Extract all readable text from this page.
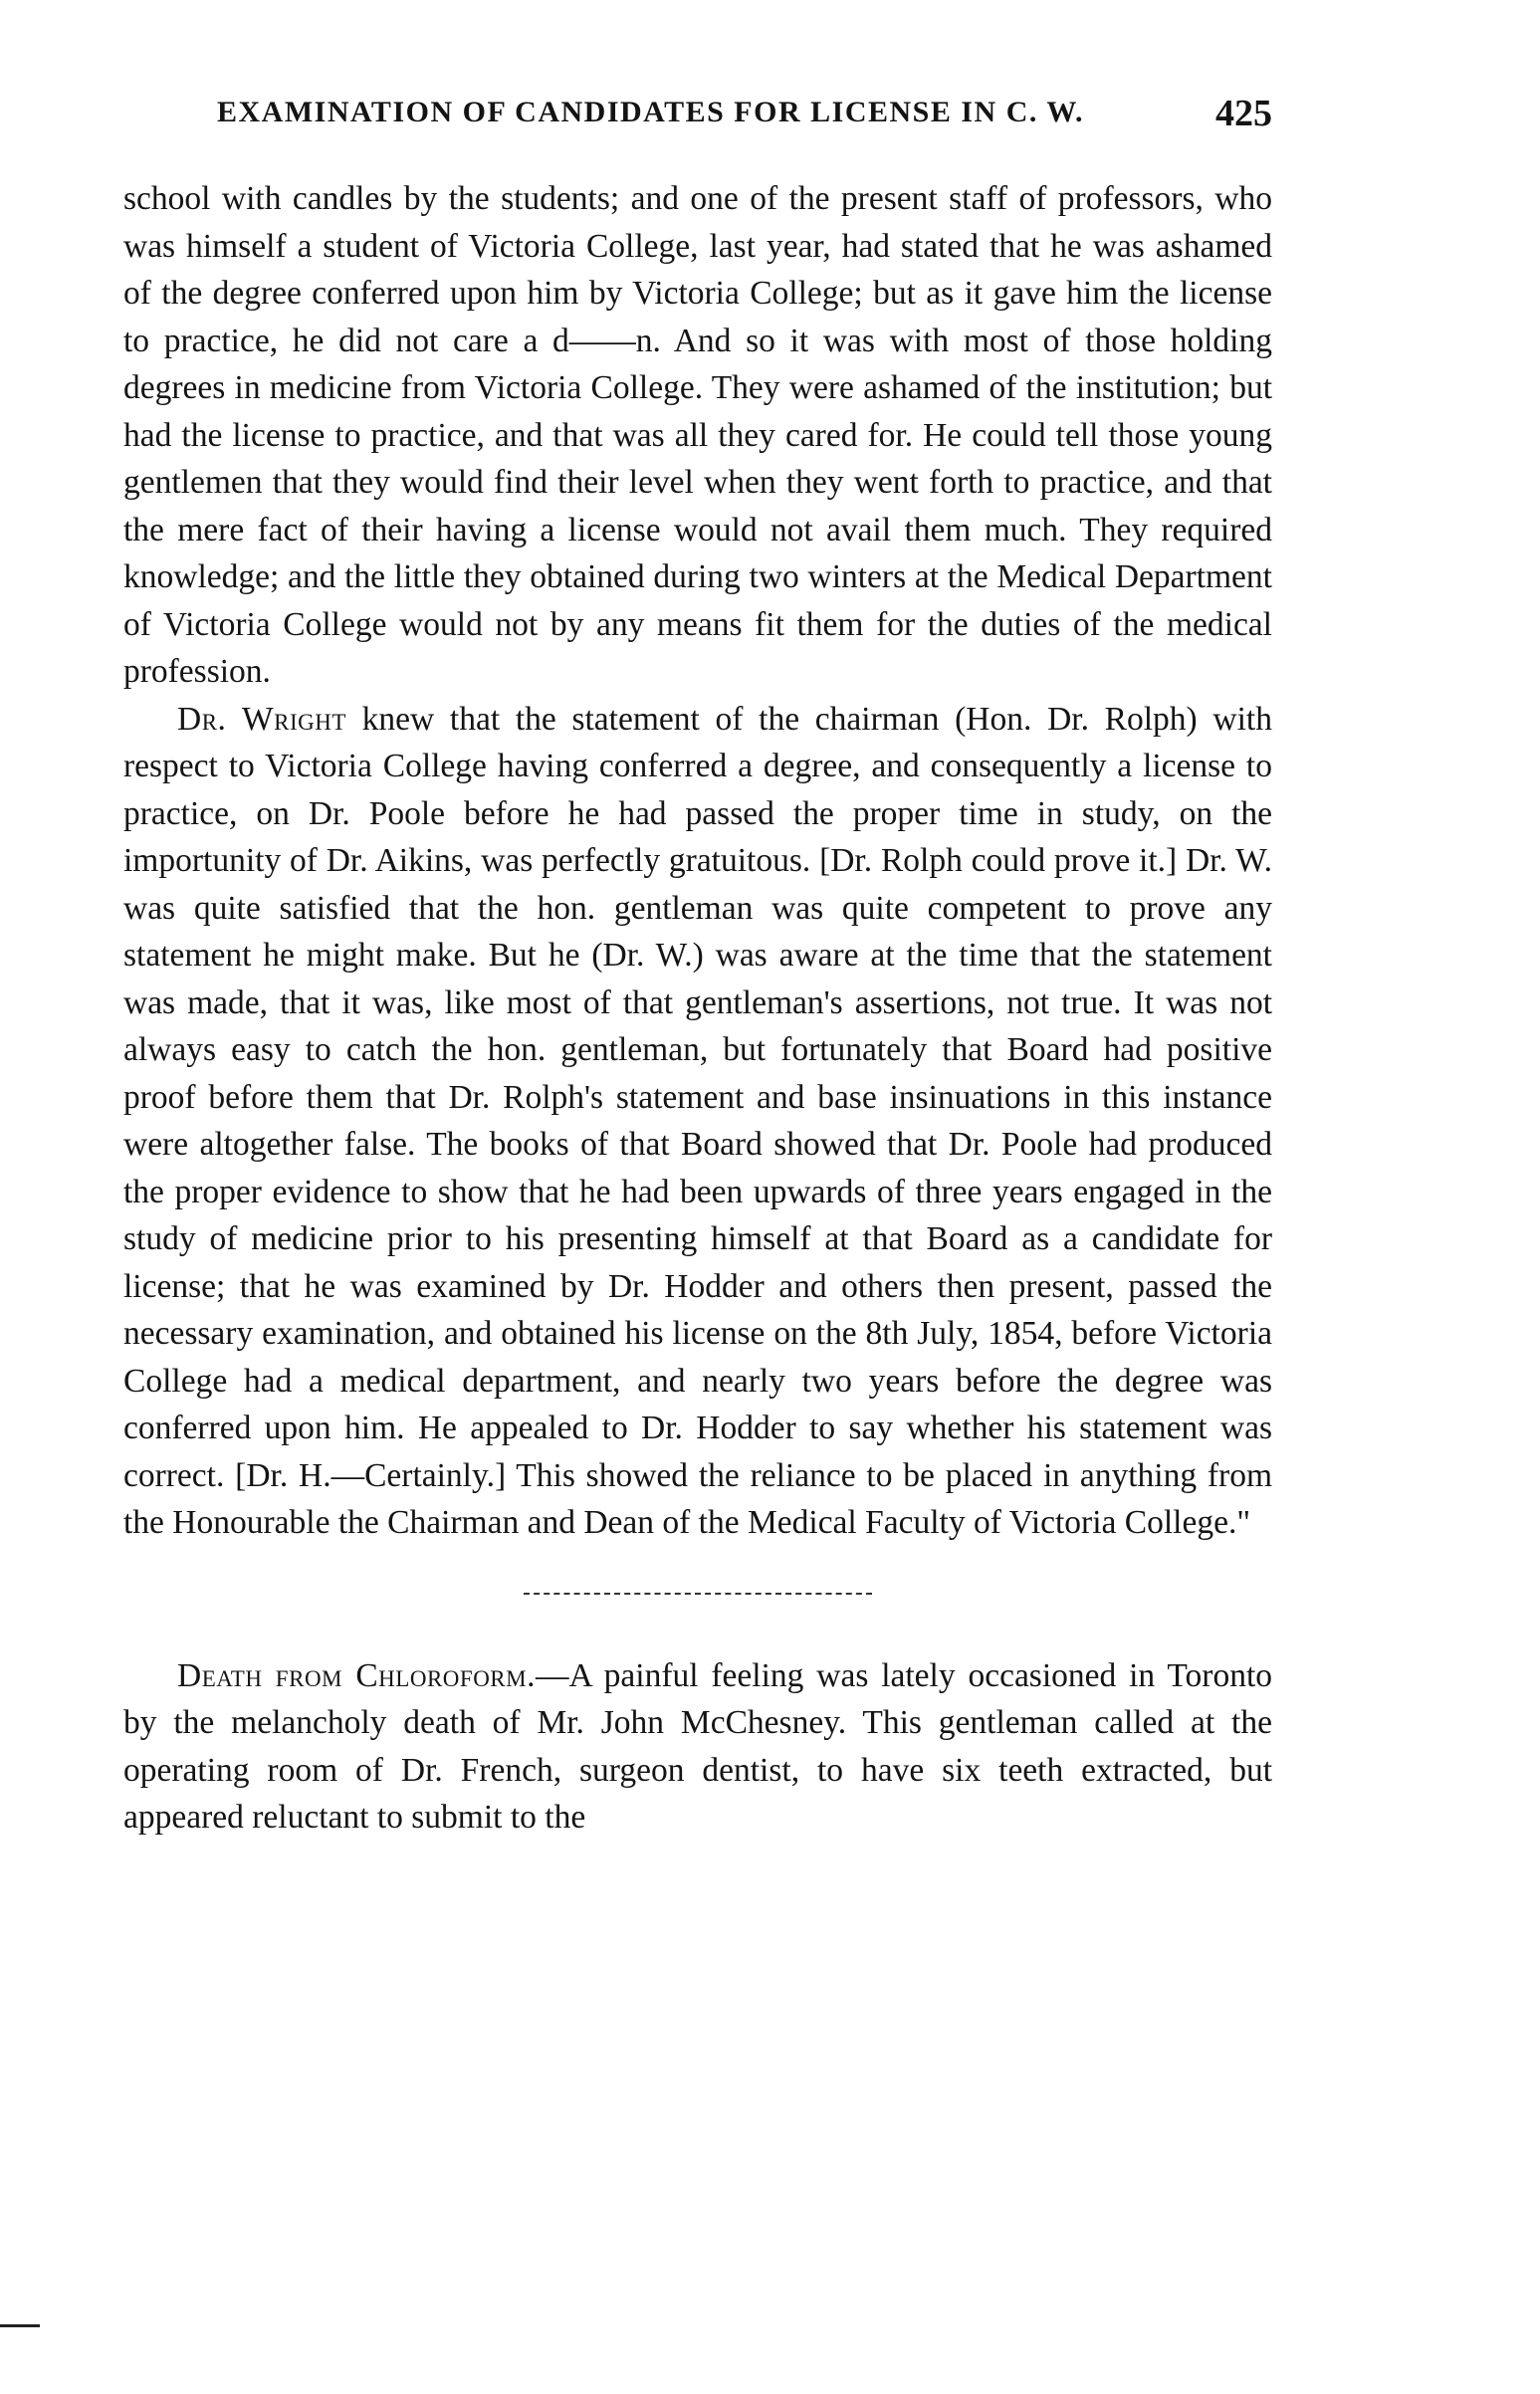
EXAMINATION OF CANDIDATES FOR LICENSE IN C. W.	425

school with candles by the students; and one of the present staff of professors, who was himself a student of Victoria College, last year, had stated that he was ashamed of the degree conferred upon him by Victoria College; but as it gave him the license to practice, he did not care a d——n. And so it was with most of those holding degrees in medicine from Victoria College. They were ashamed of the institution; but had the license to practice, and that was all they cared for. He could tell those young gentlemen that they would find their level when they went forth to practice, and that the mere fact of their having a license would not avail them much. They required knowledge; and the little they obtained during two winters at the Medical Department of Victoria College would not by any means fit them for the duties of the medical profession.

Dr. Wright knew that the statement of the chairman (Hon. Dr. Rolph) with respect to Victoria College having conferred a degree, and consequently a license to practice, on Dr. Poole before he had passed the proper time in study, on the importunity of Dr. Aikins, was perfectly gratuitous. [Dr. Rolph could prove it.] Dr. W. was quite satisfied that the hon. gentleman was quite competent to prove any statement he might make. But he (Dr. W.) was aware at the time that the statement was made, that it was, like most of that gentleman's assertions, not true. It was not always easy to catch the hon. gentleman, but fortunately that Board had positive proof before them that Dr. Rolph's statement and base insinuations in this instance were altogether false. The books of that Board showed that Dr. Poole had produced the proper evidence to show that he had been upwards of three years engaged in the study of medicine prior to his presenting himself at that Board as a candidate for license; that he was examined by Dr. Hodder and others then present, passed the necessary examination, and obtained his license on the 8th July, 1854, before Victoria College had a medical department, and nearly two years before the degree was conferred upon him. He appealed to Dr. Hodder to say whether his statement was correct. [Dr. H.—Certainly.] This showed the reliance to be placed in anything from the Honourable the Chairman and Dean of the Medical Faculty of Victoria College."

Death from Chloroform.—A painful feeling was lately occasioned in Toronto by the melancholy death of Mr. John McChesney. This gentleman called at the operating room of Dr. French, surgeon dentist, to have six teeth extracted, but appeared reluctant to submit to the
